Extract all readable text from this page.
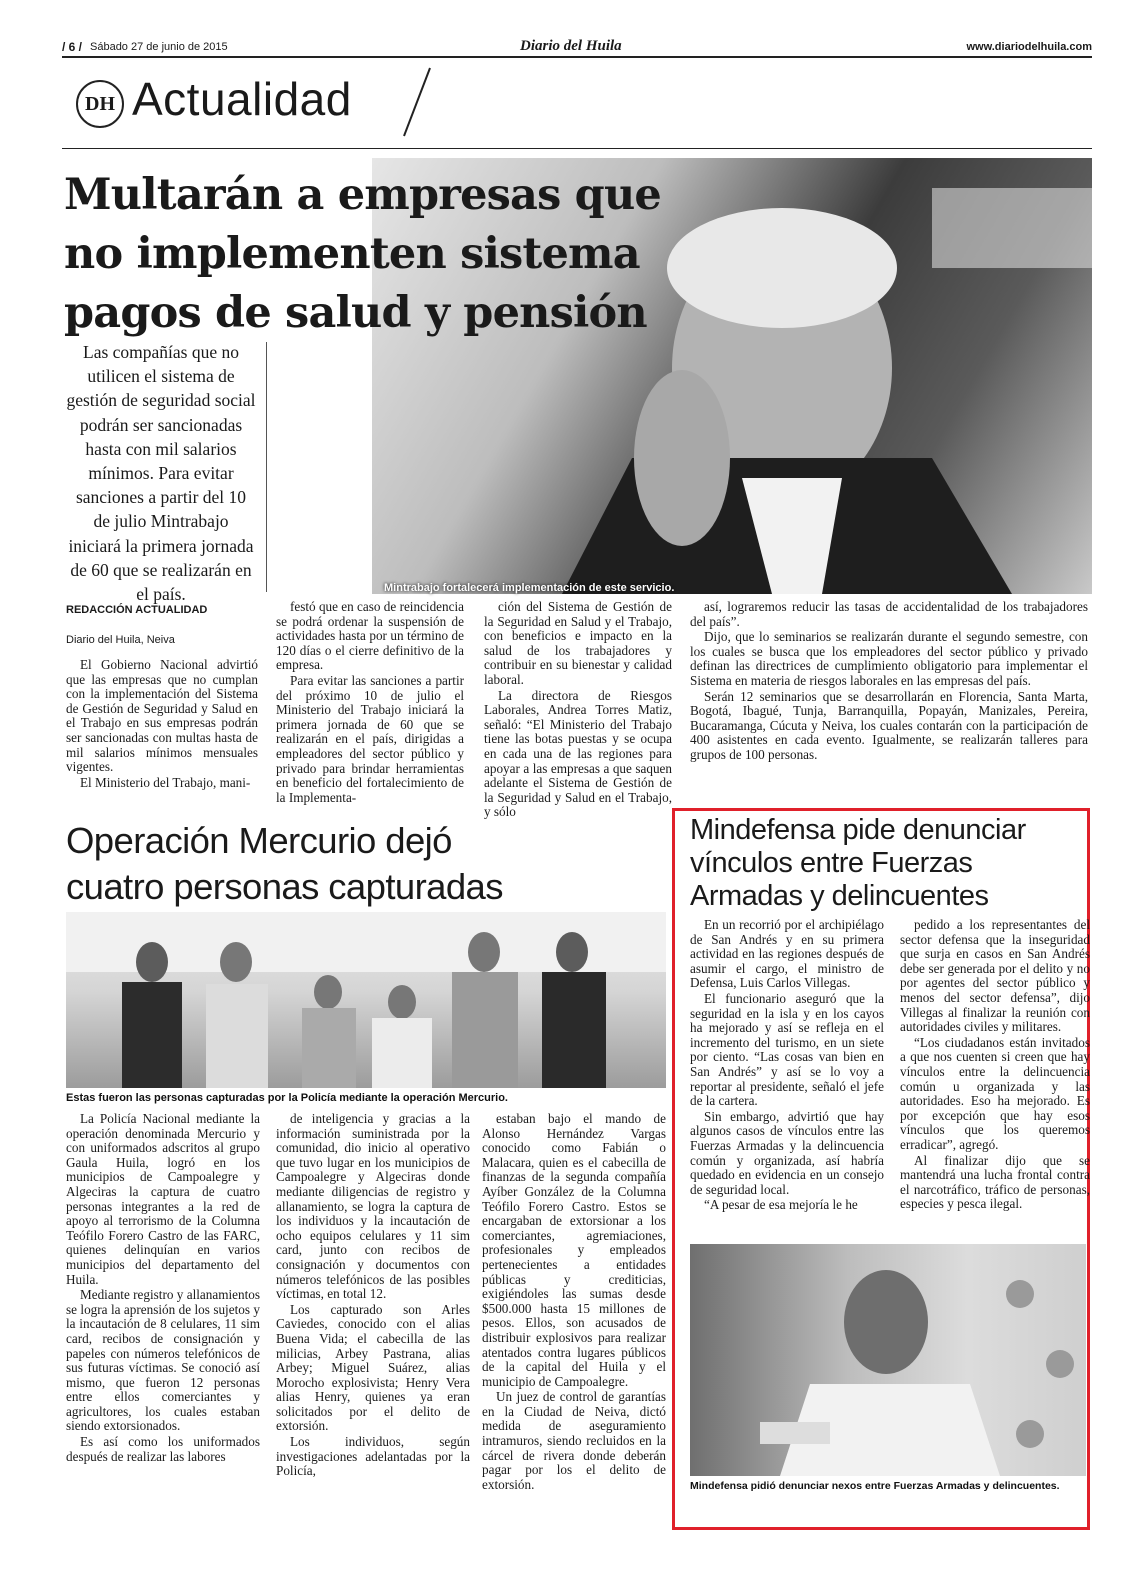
/ 6 / Sábado 27 de junio de 2015	Diario del Huila	www.diariodelhuila.com
DH Actualidad
Mintrabajo fortalecerá implementación de este servicio.
Multarán a empresas que
no implementen sistema
pagos de salud y pensión
Las compañías que no utilicen el sistema de gestión de seguridad social podrán ser sancionadas hasta con mil salarios mínimos. Para evitar sanciones a partir del 10 de julio Mintrabajo iniciará la primera jornada de 60 que se realizarán en el país.
REDACCIÓN ACTUALIDAD
Diario del Huila, Neiva

El Gobierno Nacional advirtió que las empresas que no cumplan con la implementación del Sistema de Gestión de Seguridad y Salud en el Trabajo en sus empresas podrán ser sancionadas con multas hasta de mil salarios mínimos mensuales vigentes.

El Ministerio del Trabajo, mani-

festó que en caso de reincidencia se podrá ordenar la suspensión de actividades hasta por un término de 120 días o el cierre definitivo de la empresa.

Para evitar las sanciones a partir del próximo 10 de julio el Ministerio del Trabajo iniciará la primera jornada de 60 que se realizarán en el país, dirigidas a empleadores del sector público y privado para brindar herramientas en beneficio del fortalecimiento de la Implementa-

ción del Sistema de Gestión de la Seguridad en Salud y el Trabajo, con beneficios e impacto en la salud de los trabajadores y contribuir en su bienestar y calidad laboral.

La directora de Riesgos Laborales, Andrea Torres Matiz, señaló: “El Ministerio del Trabajo tiene las botas puestas y se ocupa en cada una de las regiones para apoyar a las empresas a que saquen adelante el Sistema de Gestión de la Seguridad y Salud en el Trabajo, y sólo

así, lograremos reducir las tasas de accidentalidad de los trabajadores del país”.

Dijo, que lo seminarios se realizarán durante el segundo semestre, con los cuales se busca que los empleadores del sector público y privado definan las directrices de cumplimiento obligatorio para implementar el Sistema en materia de riesgos laborales en las empresas del país.

Serán 12 seminarios que se desarrollarán en Florencia, Santa Marta, Bogotá, Ibagué, Tunja, Barranquilla, Popayán, Manizales, Pereira, Bucaramanga, Cúcuta y Neiva, los cuales contarán con la participación de 400 asistentes en cada evento. Igualmente, se realizarán talleres para grupos de 100 personas.

Operación Mercurio dejó
cuatro personas capturadas
Estas fueron las personas capturadas por la Policía mediante la operación Mercurio.

La Policía Nacional mediante la operación denominada Mercurio y con uniformados adscritos al grupo Gaula Huila, logró en los municipios de Campoalegre y Algeciras la captura de cuatro personas integrantes a la red de apoyo al terrorismo de la Columna Teófilo Forero Castro de las FARC, quienes delinquían en varios municipios del departamento del Huila.

Mediante registro y allanamientos se logra la aprensión de los sujetos y la incautación de 8 celulares, 11 sim card, recibos de consignación y papeles con números telefónicos de sus futuras víctimas. Se conoció así mismo, que fueron 12 personas entre ellos comerciantes y agricultores, los cuales estaban siendo extorsionados.

Es así como los uniformados después de realizar las labores

de inteligencia y gracias a la información suministrada por la comunidad, dio inicio al operativo que tuvo lugar en los municipios de Campoalegre y Algeciras donde mediante diligencias de registro y allanamiento, se logra la captura de los individuos y la incautación de ocho equipos celulares y 11 sim card, junto con recibos de consignación y documentos con números telefónicos de las posibles víctimas, en total 12.

Los capturado son Arles Caviedes, conocido con el alias Buena Vida; el cabecilla de las milicias, Arbey Pastrana, alias Arbey; Miguel Suárez, alias Morocho explosivista; Henry Vera alias Henry, quienes ya eran solicitados por el delito de extorsión.

Los individuos, según investigaciones adelantadas por la Policía,

estaban bajo el mando de Alonso Hernández Vargas conocido como Fabián o Malacara, quien es el cabecilla de finanzas de la segunda compañía Ayíber González de la Columna Teófilo Forero Castro. Estos se encargaban de extorsionar a los comerciantes, agremiaciones, profesionales y empleados pertenecientes a entidades públicas y crediticias, exigiéndoles las sumas desde $500.000 hasta 15 millones de pesos. Ellos, son acusados de distribuir explosivos para realizar atentados contra lugares públicos de la capital del Huila y el municipio de Campoalegre.

Un juez de control de garantías en la Ciudad de Neiva, dictó medida de aseguramiento intramuros, siendo recluidos en la cárcel de rivera donde deberán pagar por los el delito de extorsión.

Mindefensa pide denunciar
vínculos entre Fuerzas
Armadas y delincuentes

En un recorrió por el archipiélago de San Andrés y en su primera actividad en las regiones después de asumir el cargo, el ministro de Defensa, Luis Carlos Villegas.

El funcionario aseguró que la seguridad en la isla y en los cayos ha mejorado y así se refleja en el incremento del turismo, en un siete por ciento. “Las cosas van bien en San Andrés” y así se lo voy a reportar al presidente, señaló el jefe de la cartera.

Sin embargo, advirtió que hay algunos casos de vínculos entre las Fuerzas Armadas y la delincuencia común y organizada, así habría quedado en evidencia en un consejo de seguridad local.

“A pesar de esa mejoría le he

pedido a los representantes del sector defensa que la inseguridad que surja en casos en San Andrés debe ser generada por el delito y no por agentes del sector público y menos del sector defensa”, dijo Villegas al finalizar la reunión con autoridades civiles y militares.

“Los ciudadanos están invitados a que nos cuenten si creen que hay vínculos entre la delincuencia común u organizada y las autoridades. Eso ha mejorado. Es por excepción que hay esos vínculos que los queremos erradicar”, agregó.

Al finalizar dijo que se mantendrá una lucha frontal contra el narcotráfico, tráfico de personas, especies y pesca ilegal.

Mindefensa pidió denunciar nexos entre Fuerzas Armadas y delincuentes.
